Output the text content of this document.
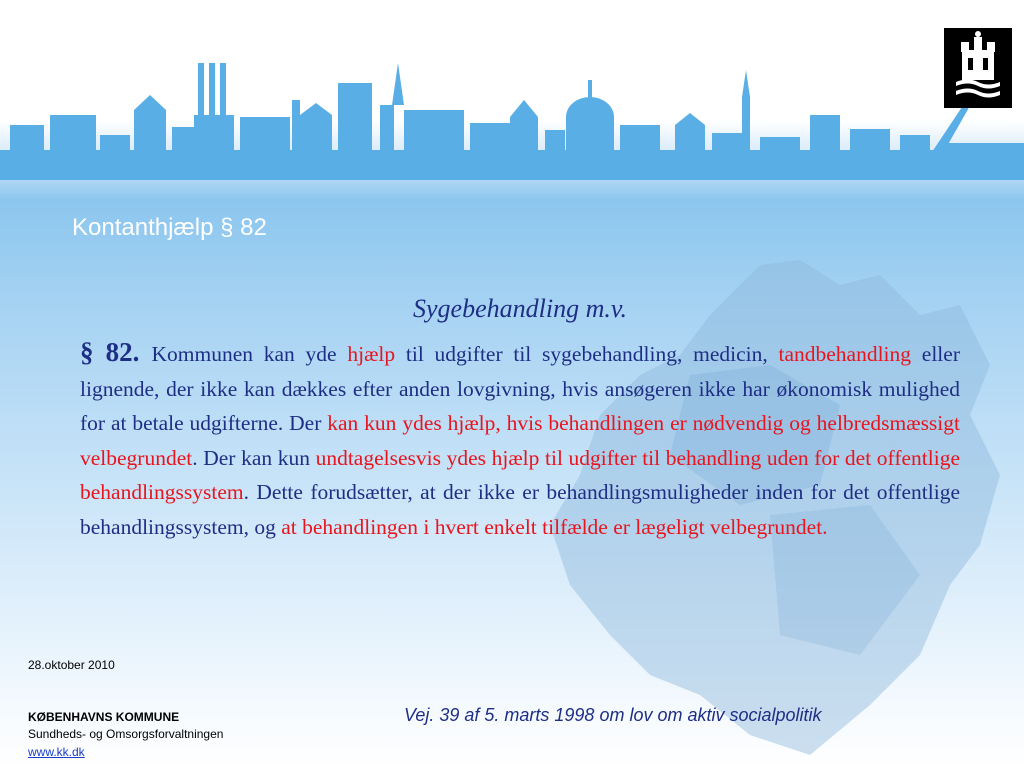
Kontanthjælp § 82
Sygebehandling m.v.
§ 82. Kommunen kan yde hjælp til udgifter til sygebehandling, medicin, tandbehandling eller lignende, der ikke kan dækkes efter anden lovgivning, hvis ansøgeren ikke har økonomisk mulighed for at betale udgifterne. Der kan kun ydes hjælp, hvis behandlingen er nødvendig og helbredsmæssigt velbegrundet. Der kan kun undtagelsesvis ydes hjælp til udgifter til behandling uden for det offentlige behandlingssystem. Dette forudsætter, at der ikke er behandlingsmuligheder inden for det offentlige behandlingssystem, og at behandlingen i hvert enkelt tilfælde er lægeligt velbegrundet.
28.oktober 2010
KØBENHAVNS KOMMUNE
Sundheds- og Omsorgsforvaltningen
www.kk.dk
Vej. 39 af 5. marts 1998 om lov om aktiv socialpolitik
